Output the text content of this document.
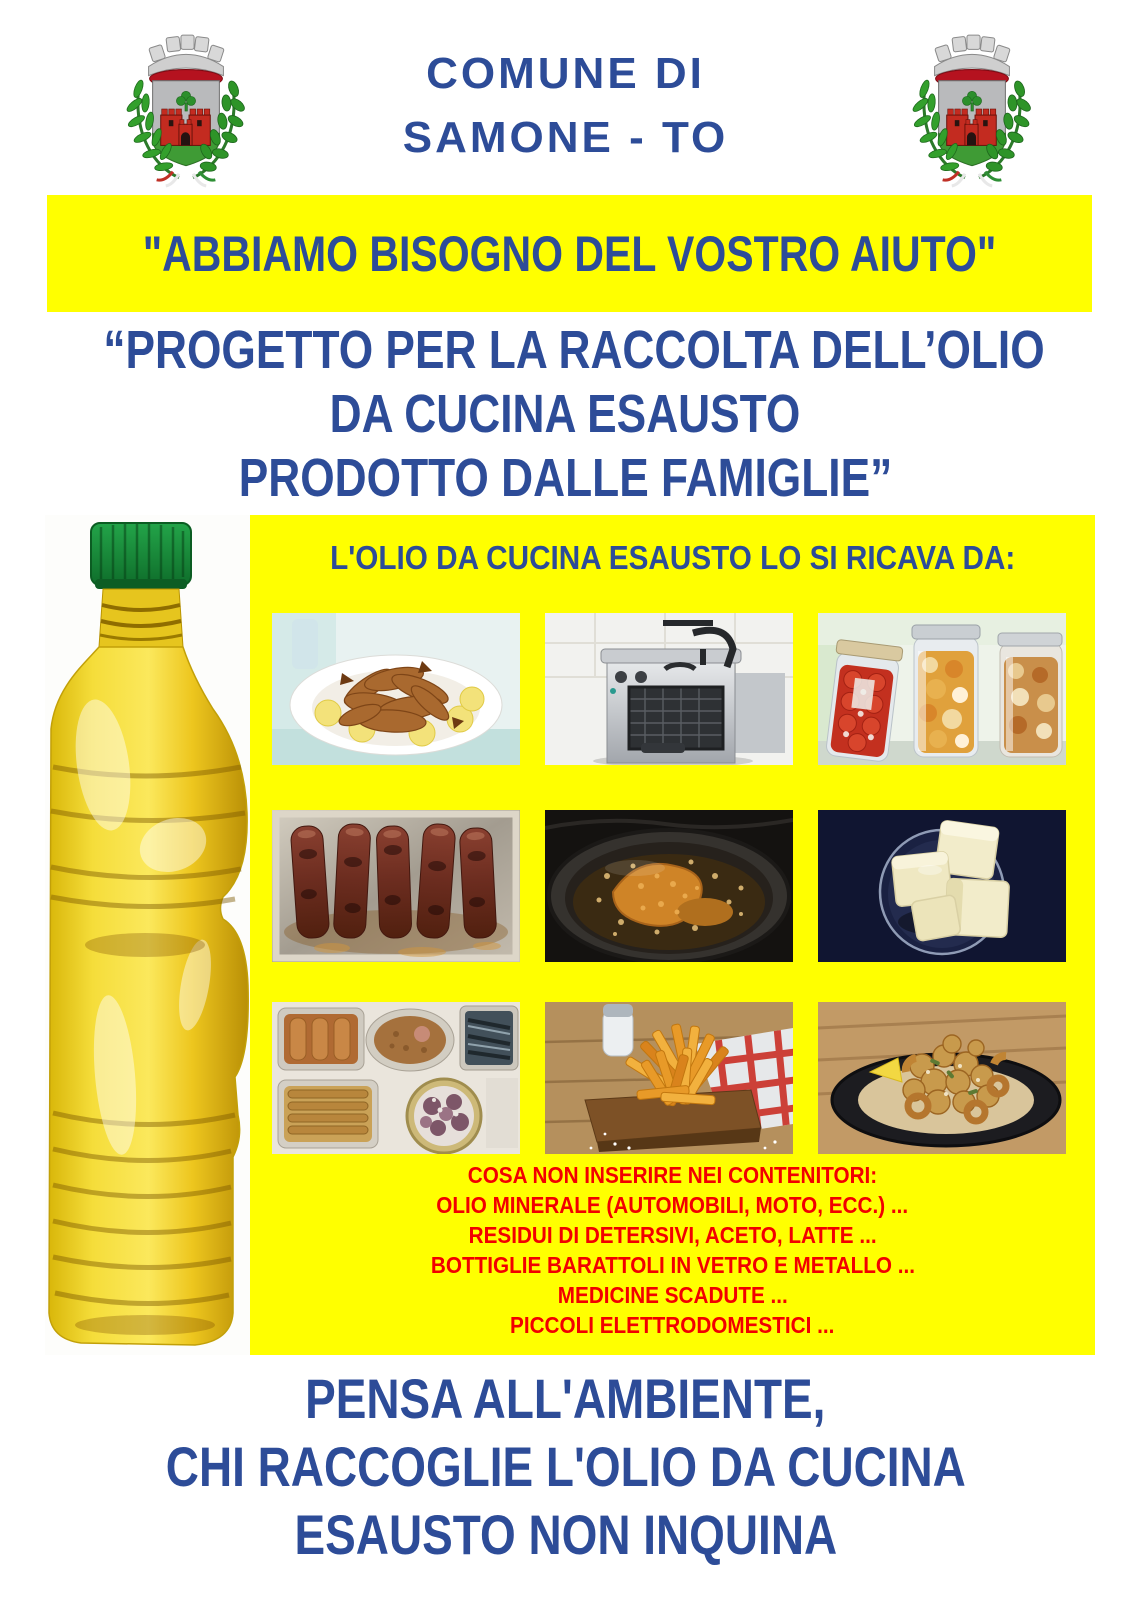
COMUNE DI
SAMONE - TO
"ABBIAMO BISOGNO DEL VOSTRO AIUTO"
“PROGETTO PER LA RACCOLTA DELL’OLIO
DA CUCINA ESAUSTO
PRODOTTO DALLE FAMIGLIE”
L'OLIO DA CUCINA ESAUSTO LO SI RICAVA DA:
COSA NON INSERIRE NEI CONTENITORI:
OLIO MINERALE (AUTOMOBILI, MOTO, ECC.) ...
RESIDUI DI DETERSIVI, ACETO, LATTE ...
BOTTIGLIE BARATTOLI IN VETRO E METALLO ...
MEDICINE SCADUTE ...
PICCOLI ELETTRODOMESTICI ...
PENSA ALL'AMBIENTE,
CHI RACCOGLIE L'OLIO DA CUCINA
ESAUSTO NON INQUINA
